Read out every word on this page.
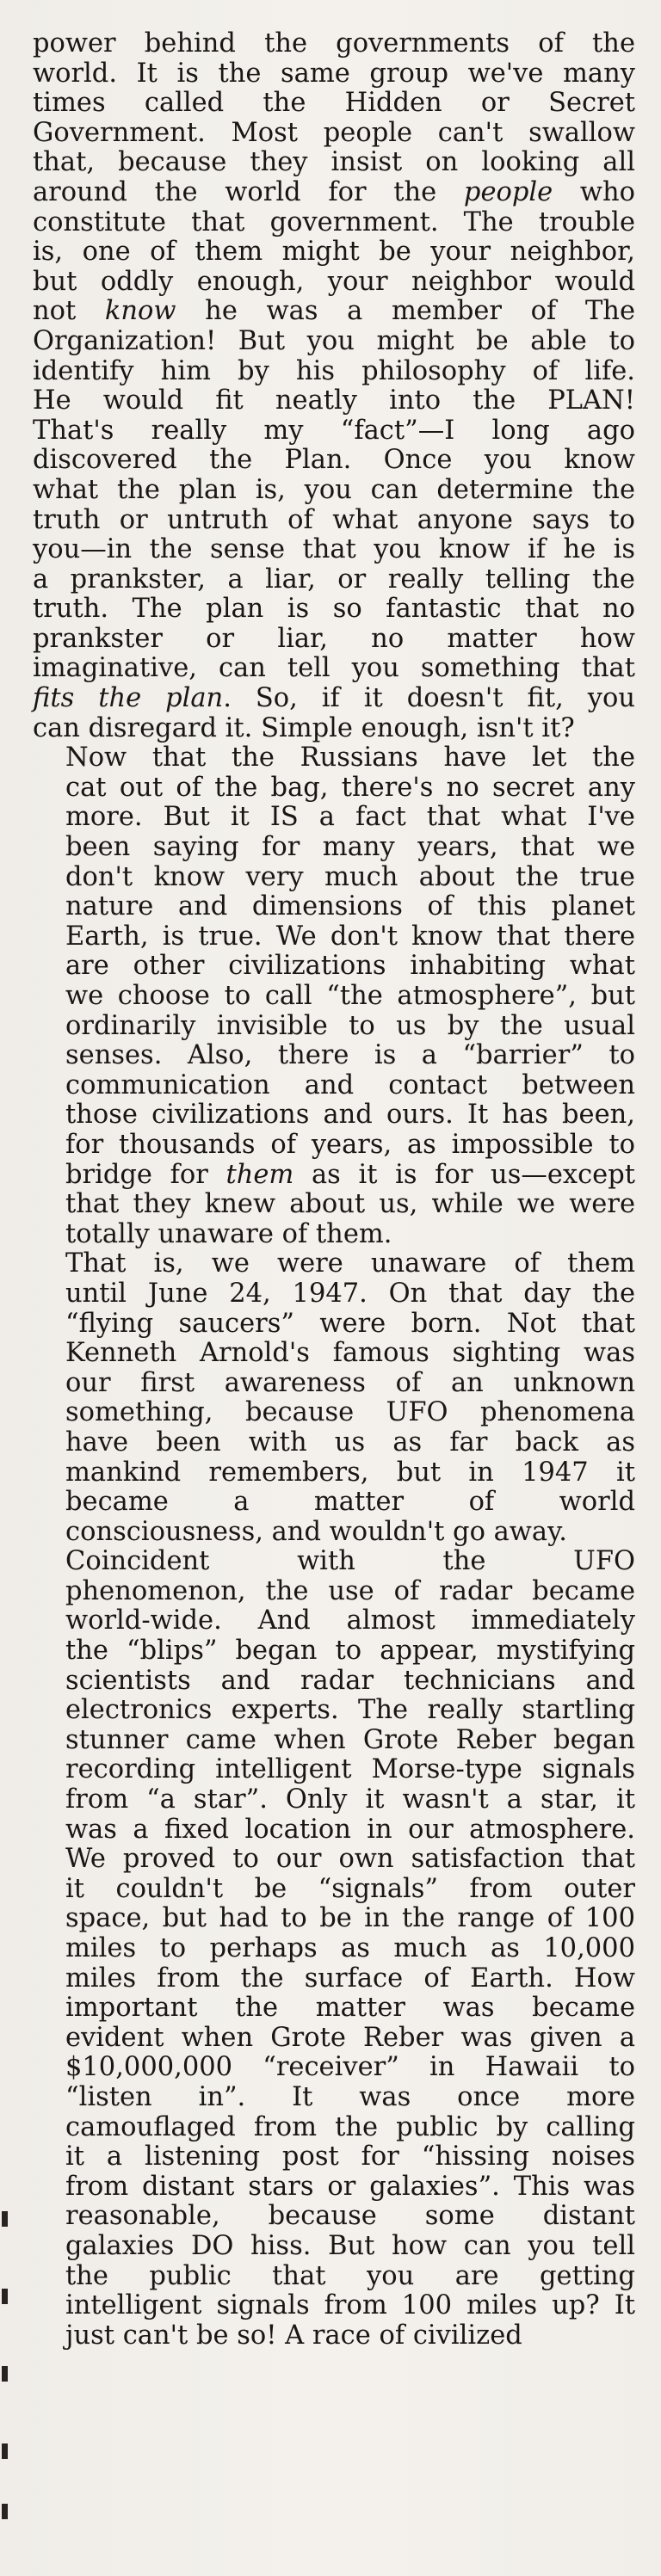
power behind the governments of the
world. It is the same group we've many
times called the Hidden or Secret
Government. Most people can't swallow
that, because they insist on looking all
around the world for the people who
constitute that government. The trouble
is, one of them might be your neighbor,
but oddly enough, your neighbor would
not know he was a member of The
Organization! But you might be able to
identify him by his philosophy of life.
He would fit neatly into the PLAN!
That's really my “fact”—I long ago
discovered the Plan. Once you know
what the plan is, you can determine the
truth or untruth of what anyone says to
you—in the sense that you know if he is
a prankster, a liar, or really telling the
truth. The plan is so fantastic that no
prankster or liar, no matter how
imaginative, can tell you something that
fits the plan. So, if it doesn't fit, you
can disregard it. Simple enough, isn't it?
Now that the Russians have let the
cat out of the bag, there's no secret any
more. But it IS a fact that what I've
been saying for many years, that we
don't know very much about the true
nature and dimensions of this planet
Earth, is true. We don't know that there
are other civilizations inhabiting what
we choose to call “the atmosphere”, but
ordinarily invisible to us by the usual
senses. Also, there is a “barrier” to
communication and contact between
those civilizations and ours. It has been,
for thousands of years, as impossible to
bridge for them as it is for us—except
that they knew about us, while we were
totally unaware of them.
That is, we were unaware of them
until June 24, 1947. On that day the
“flying saucers” were born. Not that
Kenneth Arnold's famous sighting was
our first awareness of an unknown
something, because UFO phenomena
have been with us as far back as
mankind remembers, but in 1947 it
became a matter of world
consciousness, and wouldn't go away.
Coincident with the UFO
phenomenon, the use of radar became
world-wide. And almost immediately
the “blips” began to appear, mystifying
scientists and radar technicians and
electronics experts. The really startling
stunner came when Grote Reber began
recording intelligent Morse-type signals
from “a star”. Only it wasn't a star, it
was a fixed location in our atmosphere.
We proved to our own satisfaction that
it couldn't be “signals” from outer
space, but had to be in the range of 100
miles to perhaps as much as 10,000
miles from the surface of Earth. How
important the matter was became
evident when Grote Reber was given a
$10,000,000 “receiver” in Hawaii to
“listen in”. It was once more
camouflaged from the public by calling
it a listening post for “hissing noises
from distant stars or galaxies”. This was
reasonable, because some distant
galaxies DO hiss. But how can you tell
the public that you are getting
intelligent signals from 100 miles up? It
just can't be so! A race of civilized
